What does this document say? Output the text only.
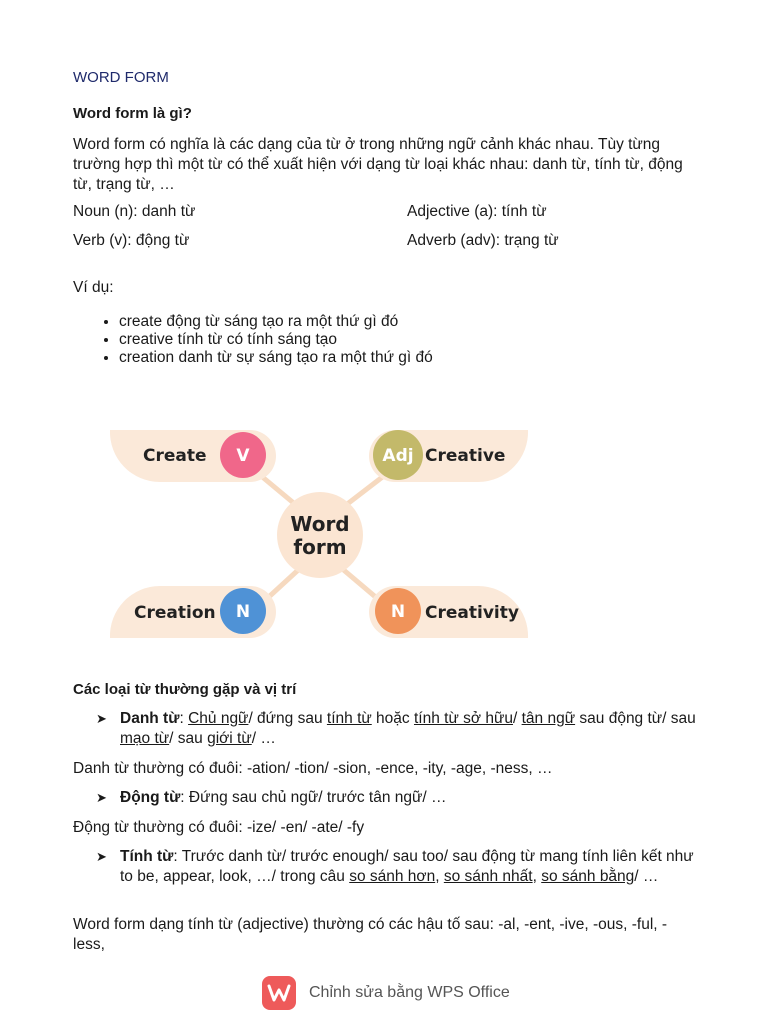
WORD FORM
Word form là gì?
Word form có nghĩa là các dạng của từ ở trong những ngữ cảnh khác nhau. Tùy từng trường hợp thì một từ có thể xuất hiện với dạng từ loại khác nhau: danh từ, tính từ, động từ, trạng từ, …
Noun (n): danh từ	Adjective (a): tính từ
Verb (v): động từ	Adverb (adv): trạng từ
Ví dụ:
• create động từ sáng tạo ra một thứ gì đó
• creative tính từ có tính sáng tạo
• creation danh từ sự sáng tạo ra một thứ gì đó
Word
form
V
Create	Adj Creative
N
Creation	N Creativity
Các loại từ thường gặp và vị trí
➤ Danh từ: Chủ ngữ/ đứng sau tính từ hoặc tính từ sở hữu/ tân ngữ sau động từ/ sau mạo từ/ sau giới từ/ …
Danh từ thường có đuôi: -ation/ -tion/ -sion, -ence, -ity, -age, -ness, …
➤ Động từ: Đứng sau chủ ngữ/ trước tân ngữ/ …
Động từ thường có đuôi: -ize/ -en/ -ate/ -fy
➤ Tính từ: Trước danh từ/ trước enough/ sau too/ sau động từ mang tính liên kết như to be, appear, look, …/ trong câu so sánh hơn, so sánh nhất, so sánh bằng/ …
Word form dạng tính từ (adjective) thường có các hậu tố sau: -al, -ent, -ive, -ous, -ful, -less,
Chỉnh sửa bằng WPS Office
